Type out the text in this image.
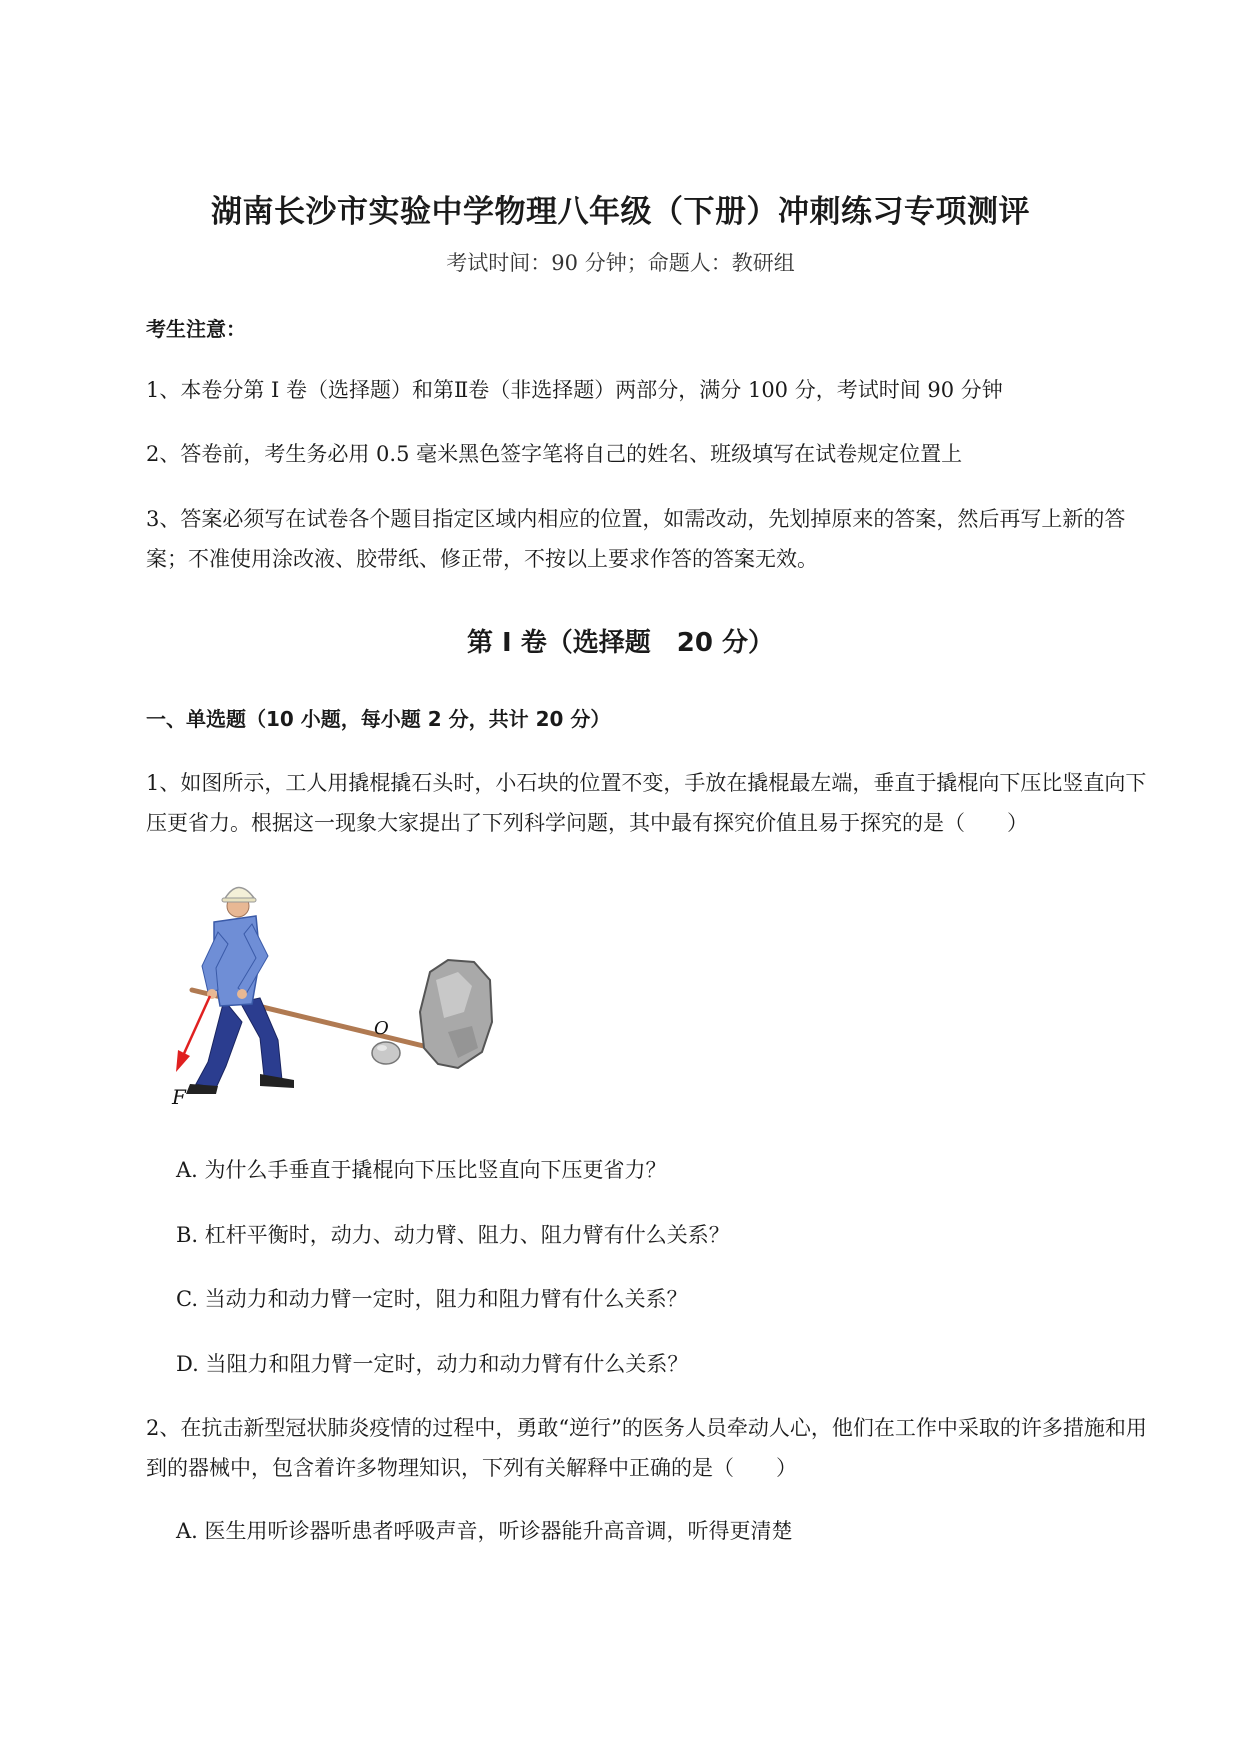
湖南长沙市实验中学物理八年级（下册）冲刺练习专项测评
考试时间：90 分钟；命题人：教研组
考生注意：
1、本卷分第 I 卷（选择题）和第Ⅱ卷（非选择题）两部分，满分 100 分，考试时间 90 分钟
2、答卷前，考生务必用 0.5 毫米黑色签字笔将自己的姓名、班级填写在试卷规定位置上
3、答案必须写在试卷各个题目指定区域内相应的位置，如需改动，先划掉原来的答案，然后再写上新的答案；不准使用涂改液、胶带纸、修正带，不按以上要求作答的答案无效。
第 I 卷（选择题　20 分）
一、单选题（10 小题，每小题 2 分，共计 20 分）
1、如图所示，工人用撬棍撬石头时，小石块的位置不变，手放在撬棍最左端，垂直于撬棍向下压比竖直向下压更省力。根据这一现象大家提出了下列科学问题，其中最有探究价值且易于探究的是（　　）
F
O
A. 为什么手垂直于撬棍向下压比竖直向下压更省力？
B. 杠杆平衡时，动力、动力臂、阻力、阻力臂有什么关系？
C. 当动力和动力臂一定时，阻力和阻力臂有什么关系？
D. 当阻力和阻力臂一定时，动力和动力臂有什么关系？
2、在抗击新型冠状肺炎疫情的过程中，勇敢“逆行”的医务人员牵动人心，他们在工作中采取的许多措施和用到的器械中，包含着许多物理知识，下列有关解释中正确的是（　　）
A. 医生用听诊器听患者呼吸声音，听诊器能升高音调，听得更清楚
